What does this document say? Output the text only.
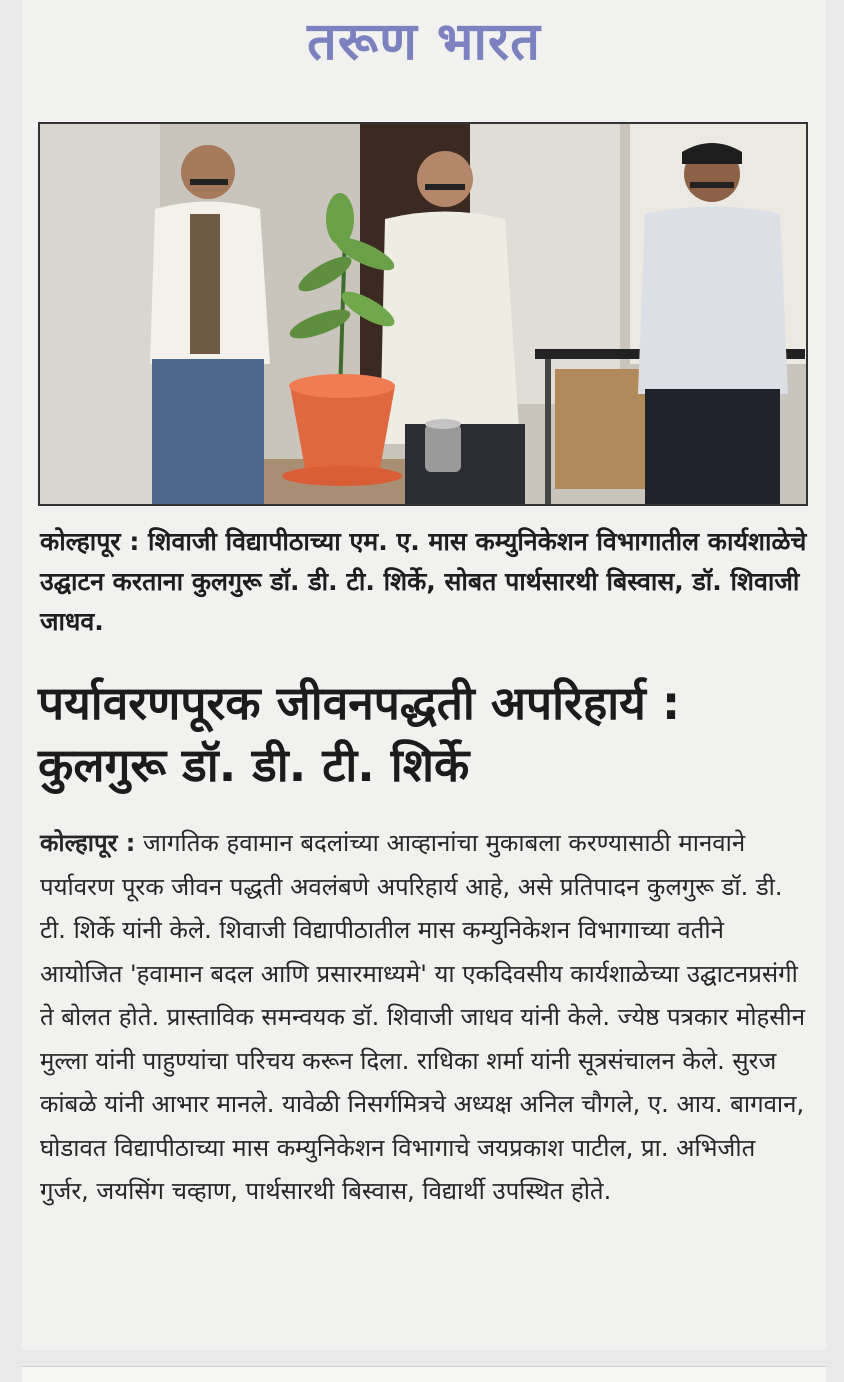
तरूण भारत
कोल्हापूर : शिवाजी विद्यापीठाच्या एम. ए. मास कम्युनिकेशन विभागातील कार्यशाळेचे उद्घाटन करताना कुलगुरू डॉ. डी. टी. शिर्के, सोबत पार्थसारथी बिस्वास, डॉ. शिवाजी जाधव.
पर्यावरणपूरक जीवनपद्धती अपरिहार्य : कुलगुरू डॉ. डी. टी. शिर्के
कोल्हापूर : जागतिक हवामान बदलांच्या आव्हानांचा मुकाबला करण्यासाठी मानवाने पर्यावरण पूरक जीवन पद्धती अवलंबणे अपरिहार्य आहे, असे प्रतिपादन कुलगुरू डॉ. डी. टी. शिर्के यांनी केले. शिवाजी विद्यापीठातील मास कम्युनिकेशन विभागाच्या वतीने आयोजित 'हवामान बदल आणि प्रसारमाध्यमे' या एकदिवसीय कार्यशाळेच्या उद्घाटनप्रसंगी ते बोलत होते. प्रास्ताविक समन्वयक डॉ. शिवाजी जाधव यांनी केले. ज्येष्ठ पत्रकार मोहसीन मुल्ला यांनी पाहुण्यांचा परिचय करून दिला. राधिका शर्मा यांनी सूत्रसंचालन केले. सुरज कांबळे यांनी आभार मानले. यावेळी निसर्गमित्रचे अध्यक्ष अनिल चौगले, ए. आय. बागवान, घोडावत विद्यापीठाच्या मास कम्युनिकेशन विभागाचे जयप्रकाश पाटील, प्रा. अभिजीत गुर्जर, जयसिंग चव्हाण, पार्थसारथी बिस्वास, विद्यार्थी उपस्थित होते.
